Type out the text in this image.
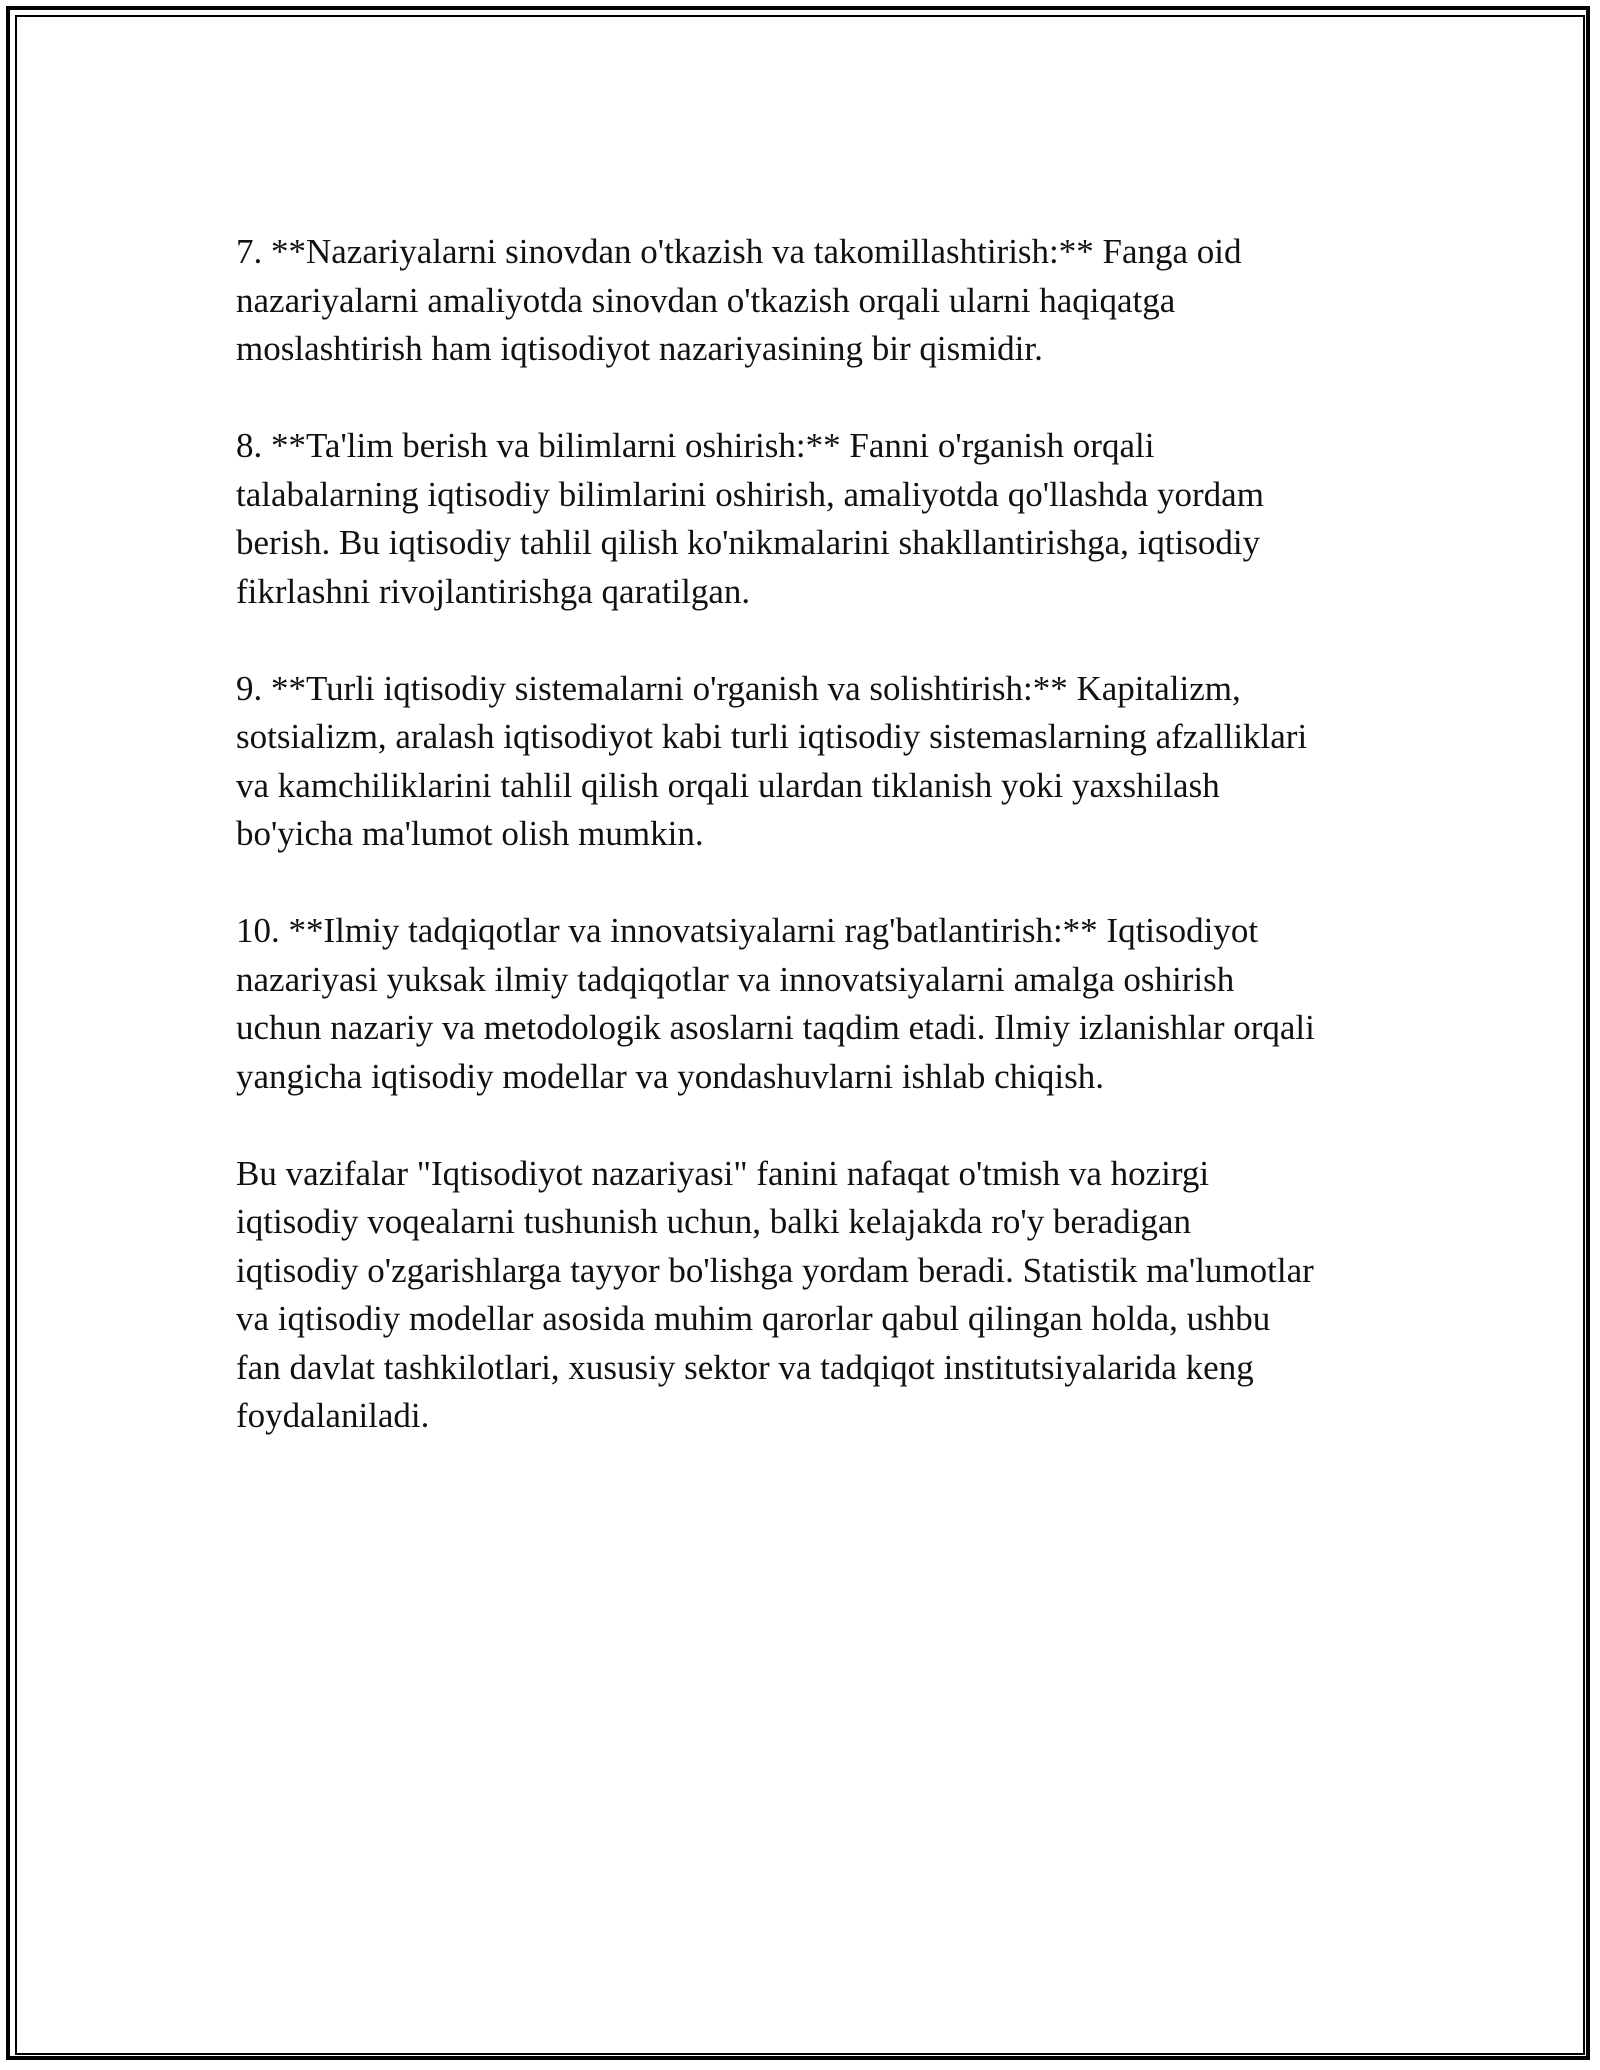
7. **Nazariyalarni sinovdan o'tkazish va takomillashtirish:** Fanga oid
nazariyalarni amaliyotda sinovdan o'tkazish orqali ularni haqiqatga
moslashtirish ham iqtisodiyot nazariyasining bir qismidir.

8. **Ta'lim berish va bilimlarni oshirish:** Fanni o'rganish orqali
talabalarning iqtisodiy bilimlarini oshirish, amaliyotda qo'llashda yordam
berish. Bu iqtisodiy tahlil qilish ko'nikmalarini shakllantirishga, iqtisodiy
fikrlashni rivojlantirishga qaratilgan.

9. **Turli iqtisodiy sistemalarni o'rganish va solishtirish:** Kapitalizm,
sotsializm, aralash iqtisodiyot kabi turli iqtisodiy sistemaslarning afzalliklari
va kamchiliklarini tahlil qilish orqali ulardan tiklanish yoki yaxshilash
bo'yicha ma'lumot olish mumkin.

10. **Ilmiy tadqiqotlar va innovatsiyalarni rag'batlantirish:** Iqtisodiyot
nazariyasi yuksak ilmiy tadqiqotlar va innovatsiyalarni amalga oshirish
uchun nazariy va metodologik asoslarni taqdim etadi. Ilmiy izlanishlar orqali
yangicha iqtisodiy modellar va yondashuvlarni ishlab chiqish.

Bu vazifalar "Iqtisodiyot nazariyasi" fanini nafaqat o'tmish va hozirgi
iqtisodiy voqealarni tushunish uchun, balki kelajakda ro'y beradigan
iqtisodiy o'zgarishlarga tayyor bo'lishga yordam beradi. Statistik ma'lumotlar
va iqtisodiy modellar asosida muhim qarorlar qabul qilingan holda, ushbu
fan davlat tashkilotlari, xususiy sektor va tadqiqot institutsiyalarida keng
foydalaniladi.
